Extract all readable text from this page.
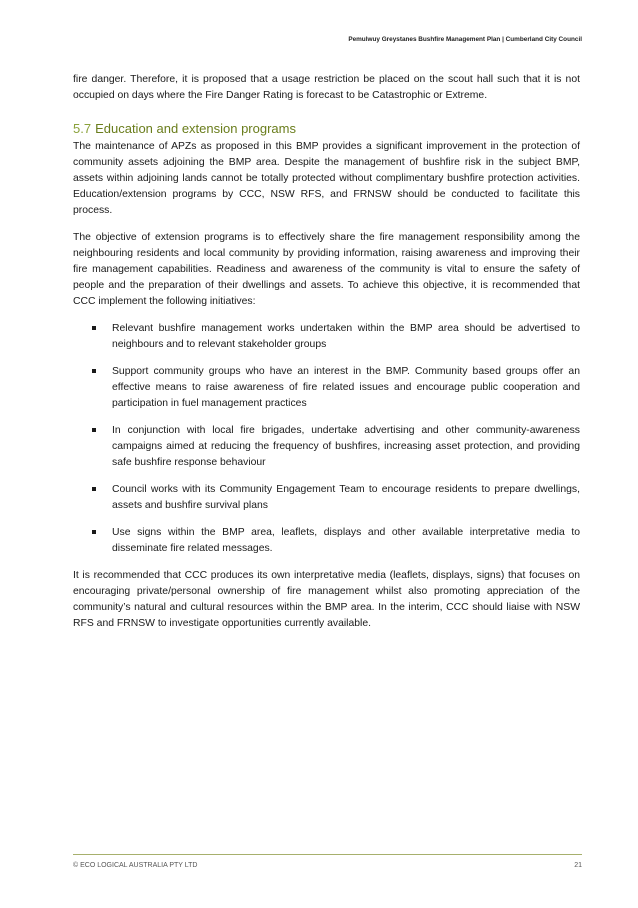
Pemulwuy Greystanes Bushfire Management Plan | Cumberland City Council

fire danger. Therefore, it is proposed that a usage restriction be placed on the scout hall such that it is not occupied on days where the Fire Danger Rating is forecast to be Catastrophic or Extreme.

5.7 Education and extension programs

The maintenance of APZs as proposed in this BMP provides a significant improvement in the protection of community assets adjoining the BMP area. Despite the management of bushfire risk in the subject BMP, assets within adjoining lands cannot be totally protected without complimentary bushfire protection activities. Education/extension programs by CCC, NSW RFS, and FRNSW should be conducted to facilitate this process.

The objective of extension programs is to effectively share the fire management responsibility among the neighbouring residents and local community by providing information, raising awareness and improving their fire management capabilities. Readiness and awareness of the community is vital to ensure the safety of people and the preparation of their dwellings and assets. To achieve this objective, it is recommended that CCC implement the following initiatives:

Relevant bushfire management works undertaken within the BMP area should be advertised to neighbours and to relevant stakeholder groups
Support community groups who have an interest in the BMP. Community based groups offer an effective means to raise awareness of fire related issues and encourage public cooperation and participation in fuel management practices
In conjunction with local fire brigades, undertake advertising and other community-awareness campaigns aimed at reducing the frequency of bushfires, increasing asset protection, and providing safe bushfire response behaviour
Council works with its Community Engagement Team to encourage residents to prepare dwellings, assets and bushfire survival plans
Use signs within the BMP area, leaflets, displays and other available interpretative media to disseminate fire related messages.

It is recommended that CCC produces its own interpretative media (leaflets, displays, signs) that focuses on encouraging private/personal ownership of fire management whilst also promoting appreciation of the community’s natural and cultural resources within the BMP area. In the interim, CCC should liaise with NSW RFS and FRNSW to investigate opportunities currently available.

© ECO LOGICAL AUSTRALIA PTY LTD	21
